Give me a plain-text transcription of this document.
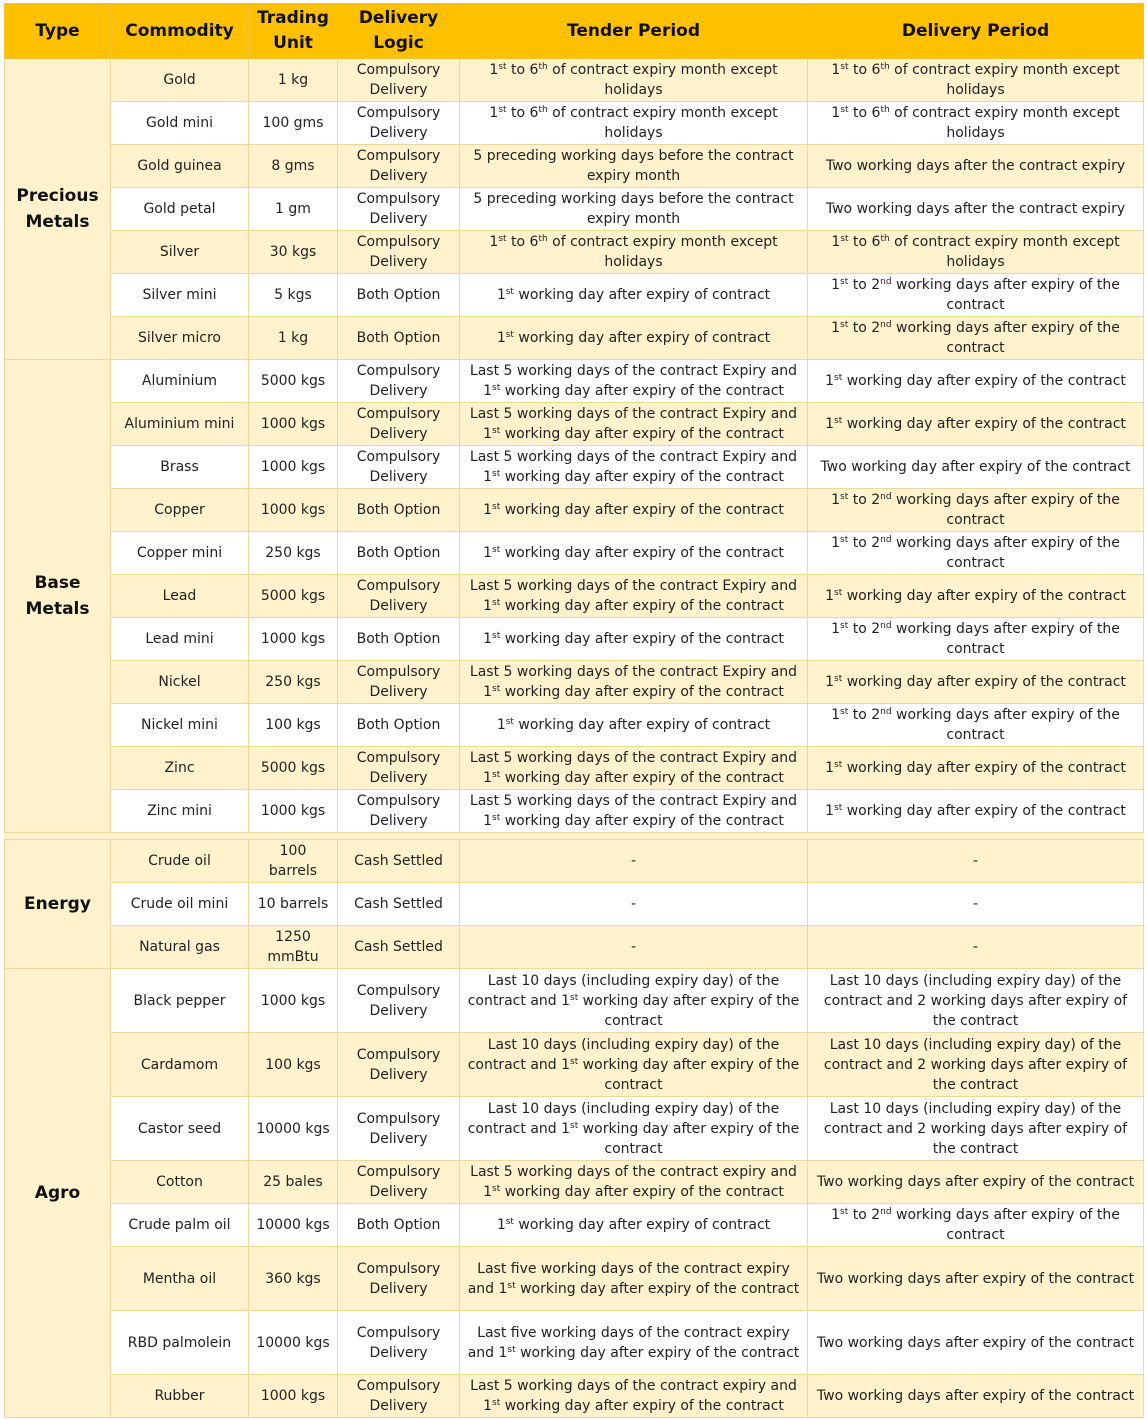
Type	Commodity	Trading Unit	Delivery Logic	Tender Period	Delivery Period
Precious Metals	Gold	1 kg	Compulsory Delivery	1st to 6th of contract expiry month except holidays	1st to 6th of contract expiry month except holidays
	Gold mini	100 gms	Compulsory Delivery	1st to 6th of contract expiry month except holidays	1st to 6th of contract expiry month except holidays
	Gold guinea	8 gms	Compulsory Delivery	5 preceding working days before the contract expiry month	Two working days after the contract expiry
	Gold petal	1 gm	Compulsory Delivery	5 preceding working days before the contract expiry month	Two working days after the contract expiry
	Silver	30 kgs	Compulsory Delivery	1st to 6th of contract expiry month except holidays	1st to 6th of contract expiry month except holidays
	Silver mini	5 kgs	Both Option	1st working day after expiry of contract	1st to 2nd working days after expiry of the contract
	Silver micro	1 kg	Both Option	1st working day after expiry of contract	1st to 2nd working days after expiry of the contract
Base Metals	Aluminium	5000 kgs	Compulsory Delivery	Last 5 working days of the contract Expiry and 1st working day after expiry of the contract	1st working day after expiry of the contract
	Aluminium mini	1000 kgs	Compulsory Delivery	Last 5 working days of the contract Expiry and 1st working day after expiry of the contract	1st working day after expiry of the contract
	Brass	1000 kgs	Compulsory Delivery	Last 5 working days of the contract Expiry and 1st working day after expiry of the contract	Two working day after expiry of the contract
	Copper	1000 kgs	Both Option	1st working day after expiry of the contract	1st to 2nd working days after expiry of the contract
	Copper mini	250 kgs	Both Option	1st working day after expiry of the contract	1st to 2nd working days after expiry of the contract
	Lead	5000 kgs	Compulsory Delivery	Last 5 working days of the contract Expiry and 1st working day after expiry of the contract	1st working day after expiry of the contract
	Lead mini	1000 kgs	Both Option	1st working day after expiry of the contract	1st to 2nd working days after expiry of the contract
	Nickel	250 kgs	Compulsory Delivery	Last 5 working days of the contract Expiry and 1st working day after expiry of the contract	1st working day after expiry of the contract
	Nickel mini	100 kgs	Both Option	1st working day after expiry of contract	1st to 2nd working days after expiry of the contract
	Zinc	5000 kgs	Compulsory Delivery	Last 5 working days of the contract Expiry and 1st working day after expiry of the contract	1st working day after expiry of the contract
	Zinc mini	1000 kgs	Compulsory Delivery	Last 5 working days of the contract Expiry and 1st working day after expiry of the contract	1st working day after expiry of the contract

Energy	Crude oil	100 barrels	Cash Settled	-	-
	Crude oil mini	10 barrels	Cash Settled	-	-
	Natural gas	1250 mmBtu	Cash Settled	-	-
Agro	Black pepper	1000 kgs	Compulsory Delivery	Last 10 days (including expiry day) of the contract and 1st working day after expiry of the contract	Last 10 days (including expiry day) of the contract and 2 working days after expiry of the contract
	Cardamom	100 kgs	Compulsory Delivery	Last 10 days (including expiry day) of the contract and 1st working day after expiry of the contract	Last 10 days (including expiry day) of the contract and 2 working days after expiry of the contract
	Castor seed	10000 kgs	Compulsory Delivery	Last 10 days (including expiry day) of the contract and 1st working day after expiry of the contract	Last 10 days (including expiry day) of the contract and 2 working days after expiry of the contract
	Cotton	25 bales	Compulsory Delivery	Last 5 working days of the contract expiry and 1st working day after expiry of the contract	Two working days after expiry of the contract
	Crude palm oil	10000 kgs	Both Option	1st working day after expiry of contract	1st to 2nd working days after expiry of the contract
	Mentha oil	360 kgs	Compulsory Delivery	Last five working days of the contract expiry and 1st working day after expiry of the contract	Two working days after expiry of the contract
	RBD palmolein	10000 kgs	Compulsory Delivery	Last five working days of the contract expiry and 1st working day after expiry of the contract	Two working days after expiry of the contract
	Rubber	1000 kgs	Compulsory Delivery	Last 5 working days of the contract expiry and 1st working day after expiry of the contract	Two working days after expiry of the contract
